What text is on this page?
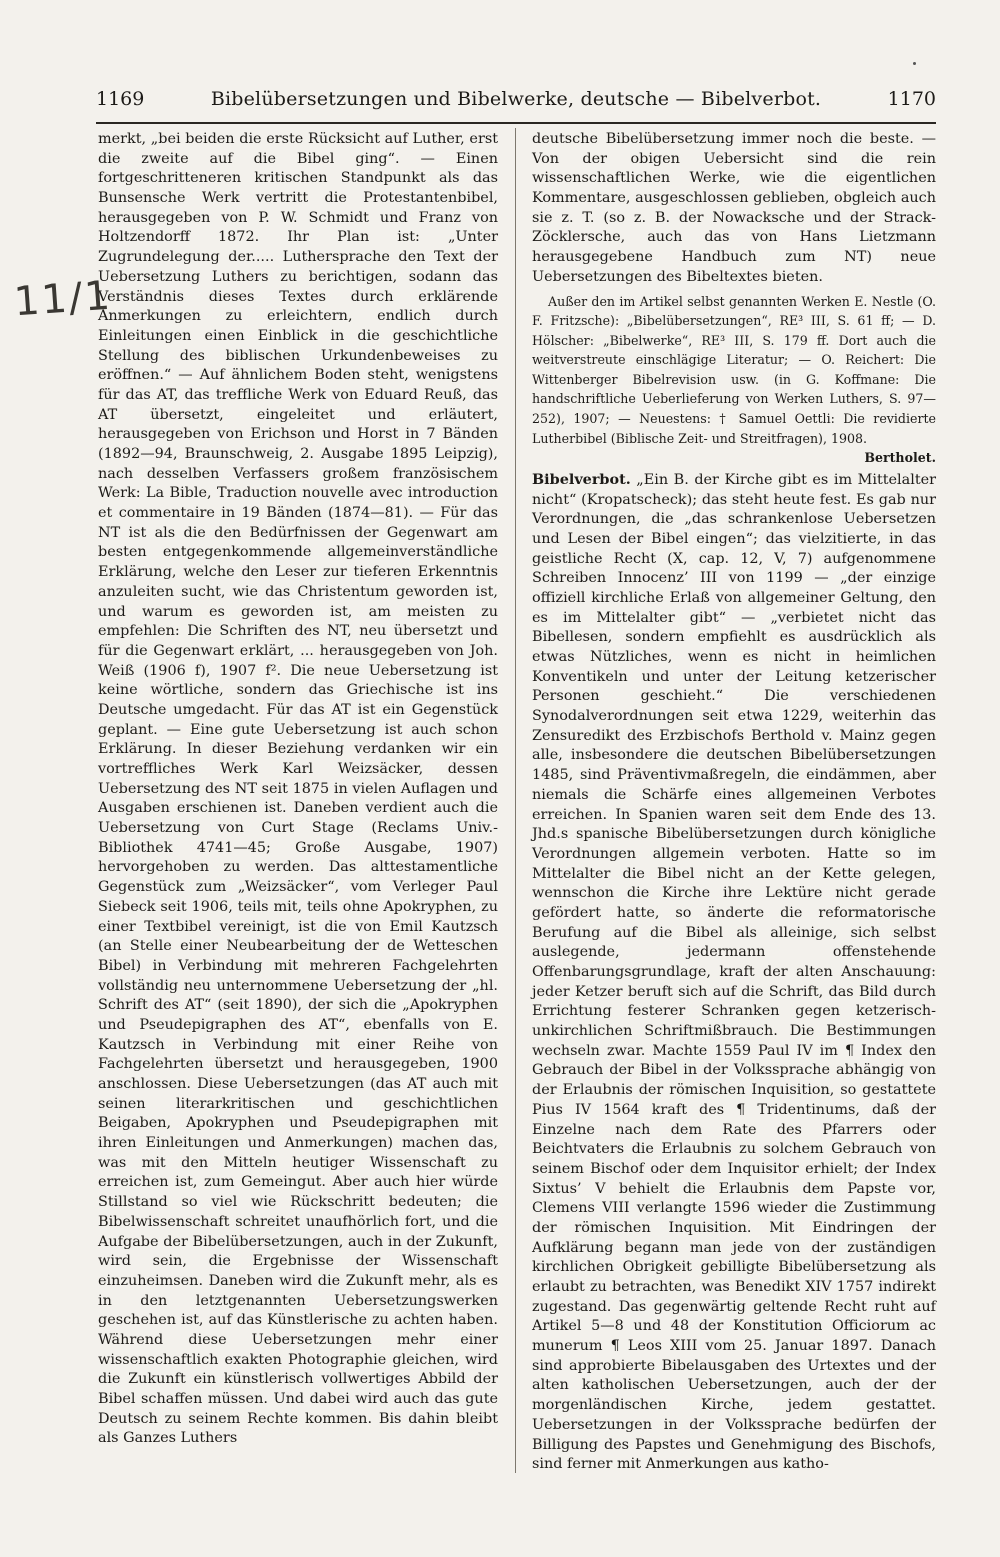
1169	Bibelübersetzungen und Bibelwerke, deutsche — Bibelverbot.	1170
11/1

merkt, „bei beiden die erste Rücksicht auf Luther, erst die zweite auf die Bibel ging“. — Einen fortgeschritteneren kritischen Standpunkt als das Bunsensche Werk vertritt die Protestantenbibel, herausgegeben von P. W. Schmidt und Franz von Holtzendorff 1872. Ihr Plan ist: „Unter Zugrundelegung der..... Luthersprache den Text der Uebersetzung Luthers zu berichtigen, sodann das Verständnis dieses Textes durch erklärende Anmerkungen zu erleichtern, endlich durch Einleitungen einen Einblick in die geschichtliche Stellung des biblischen Urkundenbeweises zu eröffnen.“ — Auf ähnlichem Boden steht, wenigstens für das AT, das treffliche Werk von Eduard Reuß, das AT übersetzt, eingeleitet und erläutert, herausgegeben von Erichson und Horst in 7 Bänden (1892—94, Braunschweig, 2. Ausgabe 1895 Leipzig), nach desselben Verfassers großem französischem Werk: La Bible, Traduction nouvelle avec introduction et commentaire in 19 Bänden (1874—81). — Für das NT ist als die den Bedürfnissen der Gegenwart am besten entgegenkommende allgemeinverständliche Erklärung, welche den Leser zur tieferen Erkenntnis anzuleiten sucht, wie das Christentum geworden ist, und warum es geworden ist, am meisten zu empfehlen: Die Schriften des NT, neu übersetzt und für die Gegenwart erklärt, ... herausgegeben von Joh. Weiß (1906 f), 1907 f². Die neue Uebersetzung ist keine wörtliche, sondern das Griechische ist ins Deutsche umgedacht. Für das AT ist ein Gegenstück geplant. — Eine gute Uebersetzung ist auch schon Erklärung. In dieser Beziehung verdanken wir ein vortreffliches Werk Karl Weizsäcker, dessen Uebersetzung des NT seit 1875 in vielen Auflagen und Ausgaben erschienen ist. Daneben verdient auch die Uebersetzung von Curt Stage (Reclams Univ.-Bibliothek 4741—45; Große Ausgabe, 1907) hervorgehoben zu werden. Das alttestamentliche Gegenstück zum „Weizsäcker“, vom Verleger Paul Siebeck seit 1906, teils mit, teils ohne Apokryphen, zu einer Textbibel vereinigt, ist die von Emil Kautzsch (an Stelle einer Neubearbeitung der de Wetteschen Bibel) in Verbindung mit mehreren Fachgelehrten vollständig neu unternommene Uebersetzung der „hl. Schrift des AT“ (seit 1890), der sich die „Apokryphen und Pseudepigraphen des AT“, ebenfalls von E. Kautzsch in Verbindung mit einer Reihe von Fachgelehrten übersetzt und herausgegeben, 1900 anschlossen. Diese Uebersetzungen (das AT auch mit seinen literarkritischen und geschichtlichen Beigaben, Apokryphen und Pseudepigraphen mit ihren Einleitungen und Anmerkungen) machen das, was mit den Mitteln heutiger Wissenschaft zu erreichen ist, zum Gemeingut. Aber auch hier würde Stillstand so viel wie Rückschritt bedeuten; die Bibelwissenschaft schreitet unaufhörlich fort, und die Aufgabe der Bibelübersetzungen, auch in der Zukunft, wird sein, die Ergebnisse der Wissenschaft einzuheimsen. Daneben wird die Zukunft mehr, als es in den letztgenannten Uebersetzungswerken geschehen ist, auf das Künstlerische zu achten haben. Während diese Uebersetzungen mehr einer wissenschaftlich exakten Photographie gleichen, wird die Zukunft ein künstlerisch vollwertiges Abbild der Bibel schaffen müssen. Und dabei wird auch das gute Deutsch zu seinem Rechte kommen. Bis dahin bleibt als Ganzes Luthers

deutsche Bibelübersetzung immer noch die beste. — Von der obigen Uebersicht sind die rein wissenschaftlichen Werke, wie die eigentlichen Kommentare, ausgeschlossen geblieben, obgleich auch sie z. T. (so z. B. der Nowacksche und der Strack-Zöcklersche, auch das von Hans Lietzmann herausgegebene Handbuch zum NT) neue Uebersetzungen des Bibeltextes bieten.

Außer den im Artikel selbst genannten Werken E. Nestle (O. F. Fritzsche): „Bibelübersetzungen“, RE³ III, S. 61 ff; — D. Hölscher: „Bibelwerke“, RE³ III, S. 179 ff. Dort auch die weitverstreute einschlägige Literatur; — O. Reichert: Die Wittenberger Bibelrevision usw. (in G. Koffmane: Die handschriftliche Ueberlieferung von Werken Luthers, S. 97—252), 1907; — Neuestens: † Samuel Oettli: Die revidierte Lutherbibel (Biblische Zeit- und Streitfragen), 1908.
Bertholet.

Bibelverbot. „Ein B. der Kirche gibt es im Mittelalter nicht“ (Kropatscheck); das steht heute fest. Es gab nur Verordnungen, die „das schrankenlose Uebersetzen und Lesen der Bibel eingen“; das vielzitierte, in das geistliche Recht (X, cap. 12, V, 7) aufgenommene Schreiben Innocenz’ III von 1199 — „der einzige offiziell kirchliche Erlaß von allgemeiner Geltung, den es im Mittelalter gibt“ — „verbietet nicht das Bibellesen, sondern empfiehlt es ausdrücklich als etwas Nützliches, wenn es nicht in heimlichen Konventikeln und unter der Leitung ketzerischer Personen geschieht.“ Die verschiedenen Synodalverordnungen seit etwa 1229, weiterhin das Zensuredikt des Erzbischofs Berthold v. Mainz gegen alle, insbesondere die deutschen Bibelübersetzungen 1485, sind Präventivmaßregeln, die eindämmen, aber niemals die Schärfe eines allgemeinen Verbotes erreichen. In Spanien waren seit dem Ende des 13. Jhd.s spanische Bibelübersetzungen durch königliche Verordnungen allgemein verboten. Hatte so im Mittelalter die Bibel nicht an der Kette gelegen, wennschon die Kirche ihre Lektüre nicht gerade gefördert hatte, so änderte die reformatorische Berufung auf die Bibel als alleinige, sich selbst auslegende, jedermann offenstehende Offenbarungsgrundlage, kraft der alten Anschauung: jeder Ketzer beruft sich auf die Schrift, das Bild durch Errichtung festerer Schranken gegen ketzerisch-unkirchlichen Schriftmißbrauch. Die Bestimmungen wechseln zwar. Machte 1559 Paul IV im ¶ Index den Gebrauch der Bibel in der Volkssprache abhängig von der Erlaubnis der römischen Inquisition, so gestattete Pius IV 1564 kraft des ¶ Tridentinums, daß der Einzelne nach dem Rate des Pfarrers oder Beichtvaters die Erlaubnis zu solchem Gebrauch von seinem Bischof oder dem Inquisitor erhielt; der Index Sixtus’ V behielt die Erlaubnis dem Papste vor, Clemens VIII verlangte 1596 wieder die Zustimmung der römischen Inquisition. Mit Eindringen der Aufklärung begann man jede von der zuständigen kirchlichen Obrigkeit gebilligte Bibelübersetzung als erlaubt zu betrachten, was Benedikt XIV 1757 indirekt zugestand. Das gegenwärtig geltende Recht ruht auf Artikel 5—8 und 48 der Konstitution Officiorum ac munerum ¶ Leos XIII vom 25. Januar 1897. Danach sind approbierte Bibelausgaben des Urtextes und der alten katholischen Uebersetzungen, auch der der morgenländischen Kirche, jedem gestattet. Uebersetzungen in der Volkssprache bedürfen der Billigung des Papstes und Genehmigung des Bischofs, sind ferner mit Anmerkungen aus katho-
